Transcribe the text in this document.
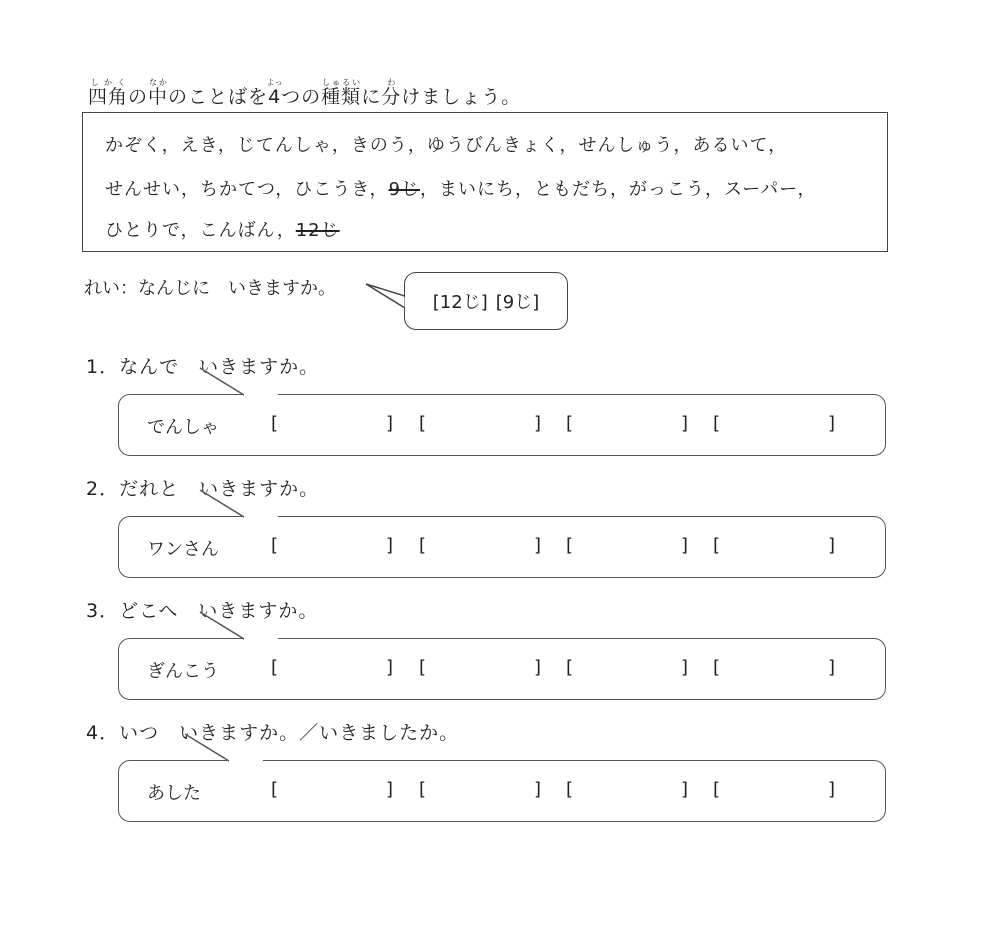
四角しかくの中なかのことばを4よっつの種類しゅるいに分わけましょう。
かぞく，えき，じてんしゃ，きのう，ゆうびんきょく，せんしゅう，あるいて，
せんせい，ちかてつ，ひこうき，9じ，まいにち，ともだち，がっこう，スーパー，
ひとりで，こんばん，12じ
れい：なんじに　いきますか。
[12じ] [9じ]
1．なんで　いきますか。
でんしゃ	[	] [	] [	] [	]
2．だれと　いきますか。
ワンさん	[	] [	] [	] [	]
3．どこへ　いきますか。
ぎんこう	[	] [	] [	] [	]
4．いつ　いきますか。／いきましたか。
あした	[	] [	] [	] [	]
